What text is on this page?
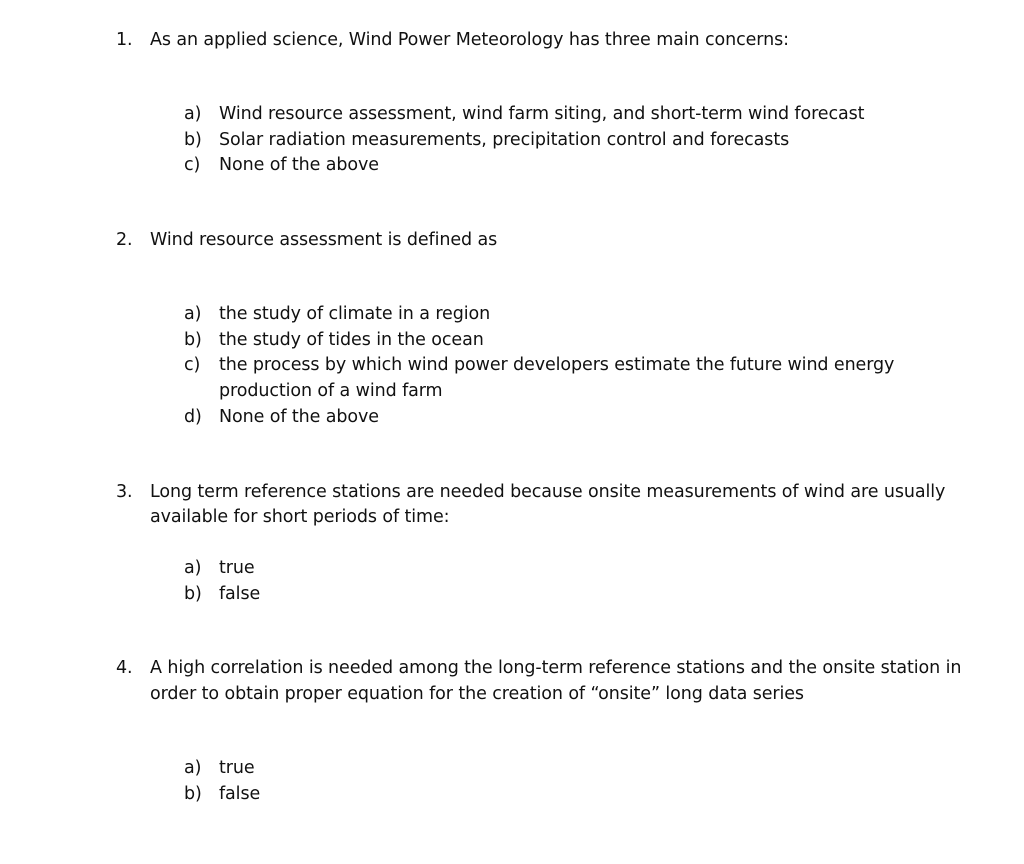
1.	As an applied science, Wind Power Meteorology has three main concerns:
a)	Wind resource assessment, wind farm siting, and short-term wind forecast
b) Solar radiation measurements, precipitation control and forecasts
c)	None of the above
2.	Wind resource assessment is defined as
a)	the study of climate in a region
b) the study of tides in the ocean
c)	the process by which wind power developers estimate the future wind energy
production of a wind farm
d) None of the above
3.	Long term reference stations are needed because onsite measurements of wind are usually
available for short periods of time:
a)	true
b) false
4.	A high correlation is needed among the long-term reference stations and the onsite station in
order to obtain proper equation for the creation of “onsite” long data series
a)	true
b) false
